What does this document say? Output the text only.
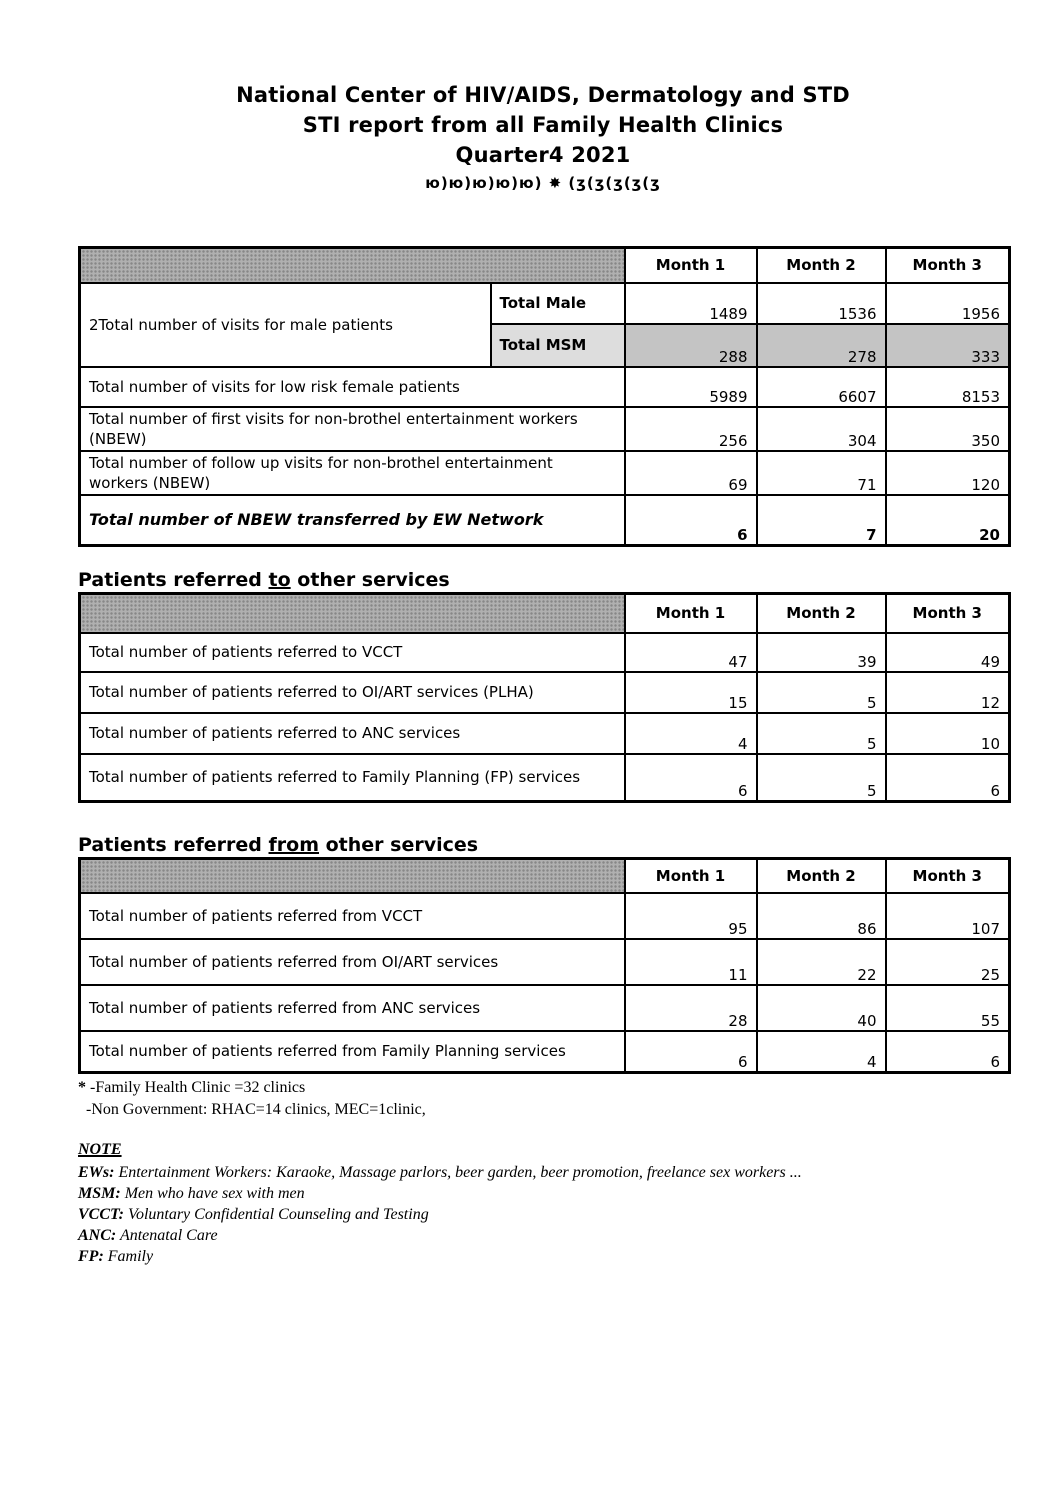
National Center of HIV/AIDS, Dermatology and STD
STI report from all Family Health Clinics
Quarter4 2021
ю)ю)ю)ю)ю) ✸ (ʒ(ʒ(ʒ(ʒ(ʒ
		Month 1	Month 2	Month 3
2Total number of visits for male patients	Total Male	1489	1536	1956
	Total MSM	288	278	333
Total number of visits for low risk female patients		5989	6607	8153
Total number of first visits for non-brothel entertainment workers (NBEW)		256	304	350
Total number of follow up visits for non-brothel entertainment workers (NBEW)		69	71	120
Total number of NBEW transferred by EW Network		6	7	20
Patients referred to other services
	Month 1	Month 2	Month 3
Total number of patients referred to VCCT	47	39	49
Total number of patients referred to OI/ART services (PLHA)	15	5	12
Total number of patients referred to ANC services	4	5	10
Total number of patients referred to Family Planning (FP) services	6	5	6
Patients referred from other services
	Month 1	Month 2	Month 3
Total number of patients referred from VCCT	95	86	107
Total number of patients referred from OI/ART services	11	22	25
Total number of patients referred from ANC services	28	40	55
Total number of patients referred from Family Planning services	6	4	6
* -Family Health Clinic =32 clinics
-Non Government: RHAC=14 clinics, MEC=1clinic,
NOTE
EWs: Entertainment Workers: Karaoke, Massage parlors, beer garden, beer promotion, freelance sex workers ...
MSM: Men who have sex with men
VCCT: Voluntary Confidential Counseling and Testing
ANC: Antenatal Care
FP: Family
